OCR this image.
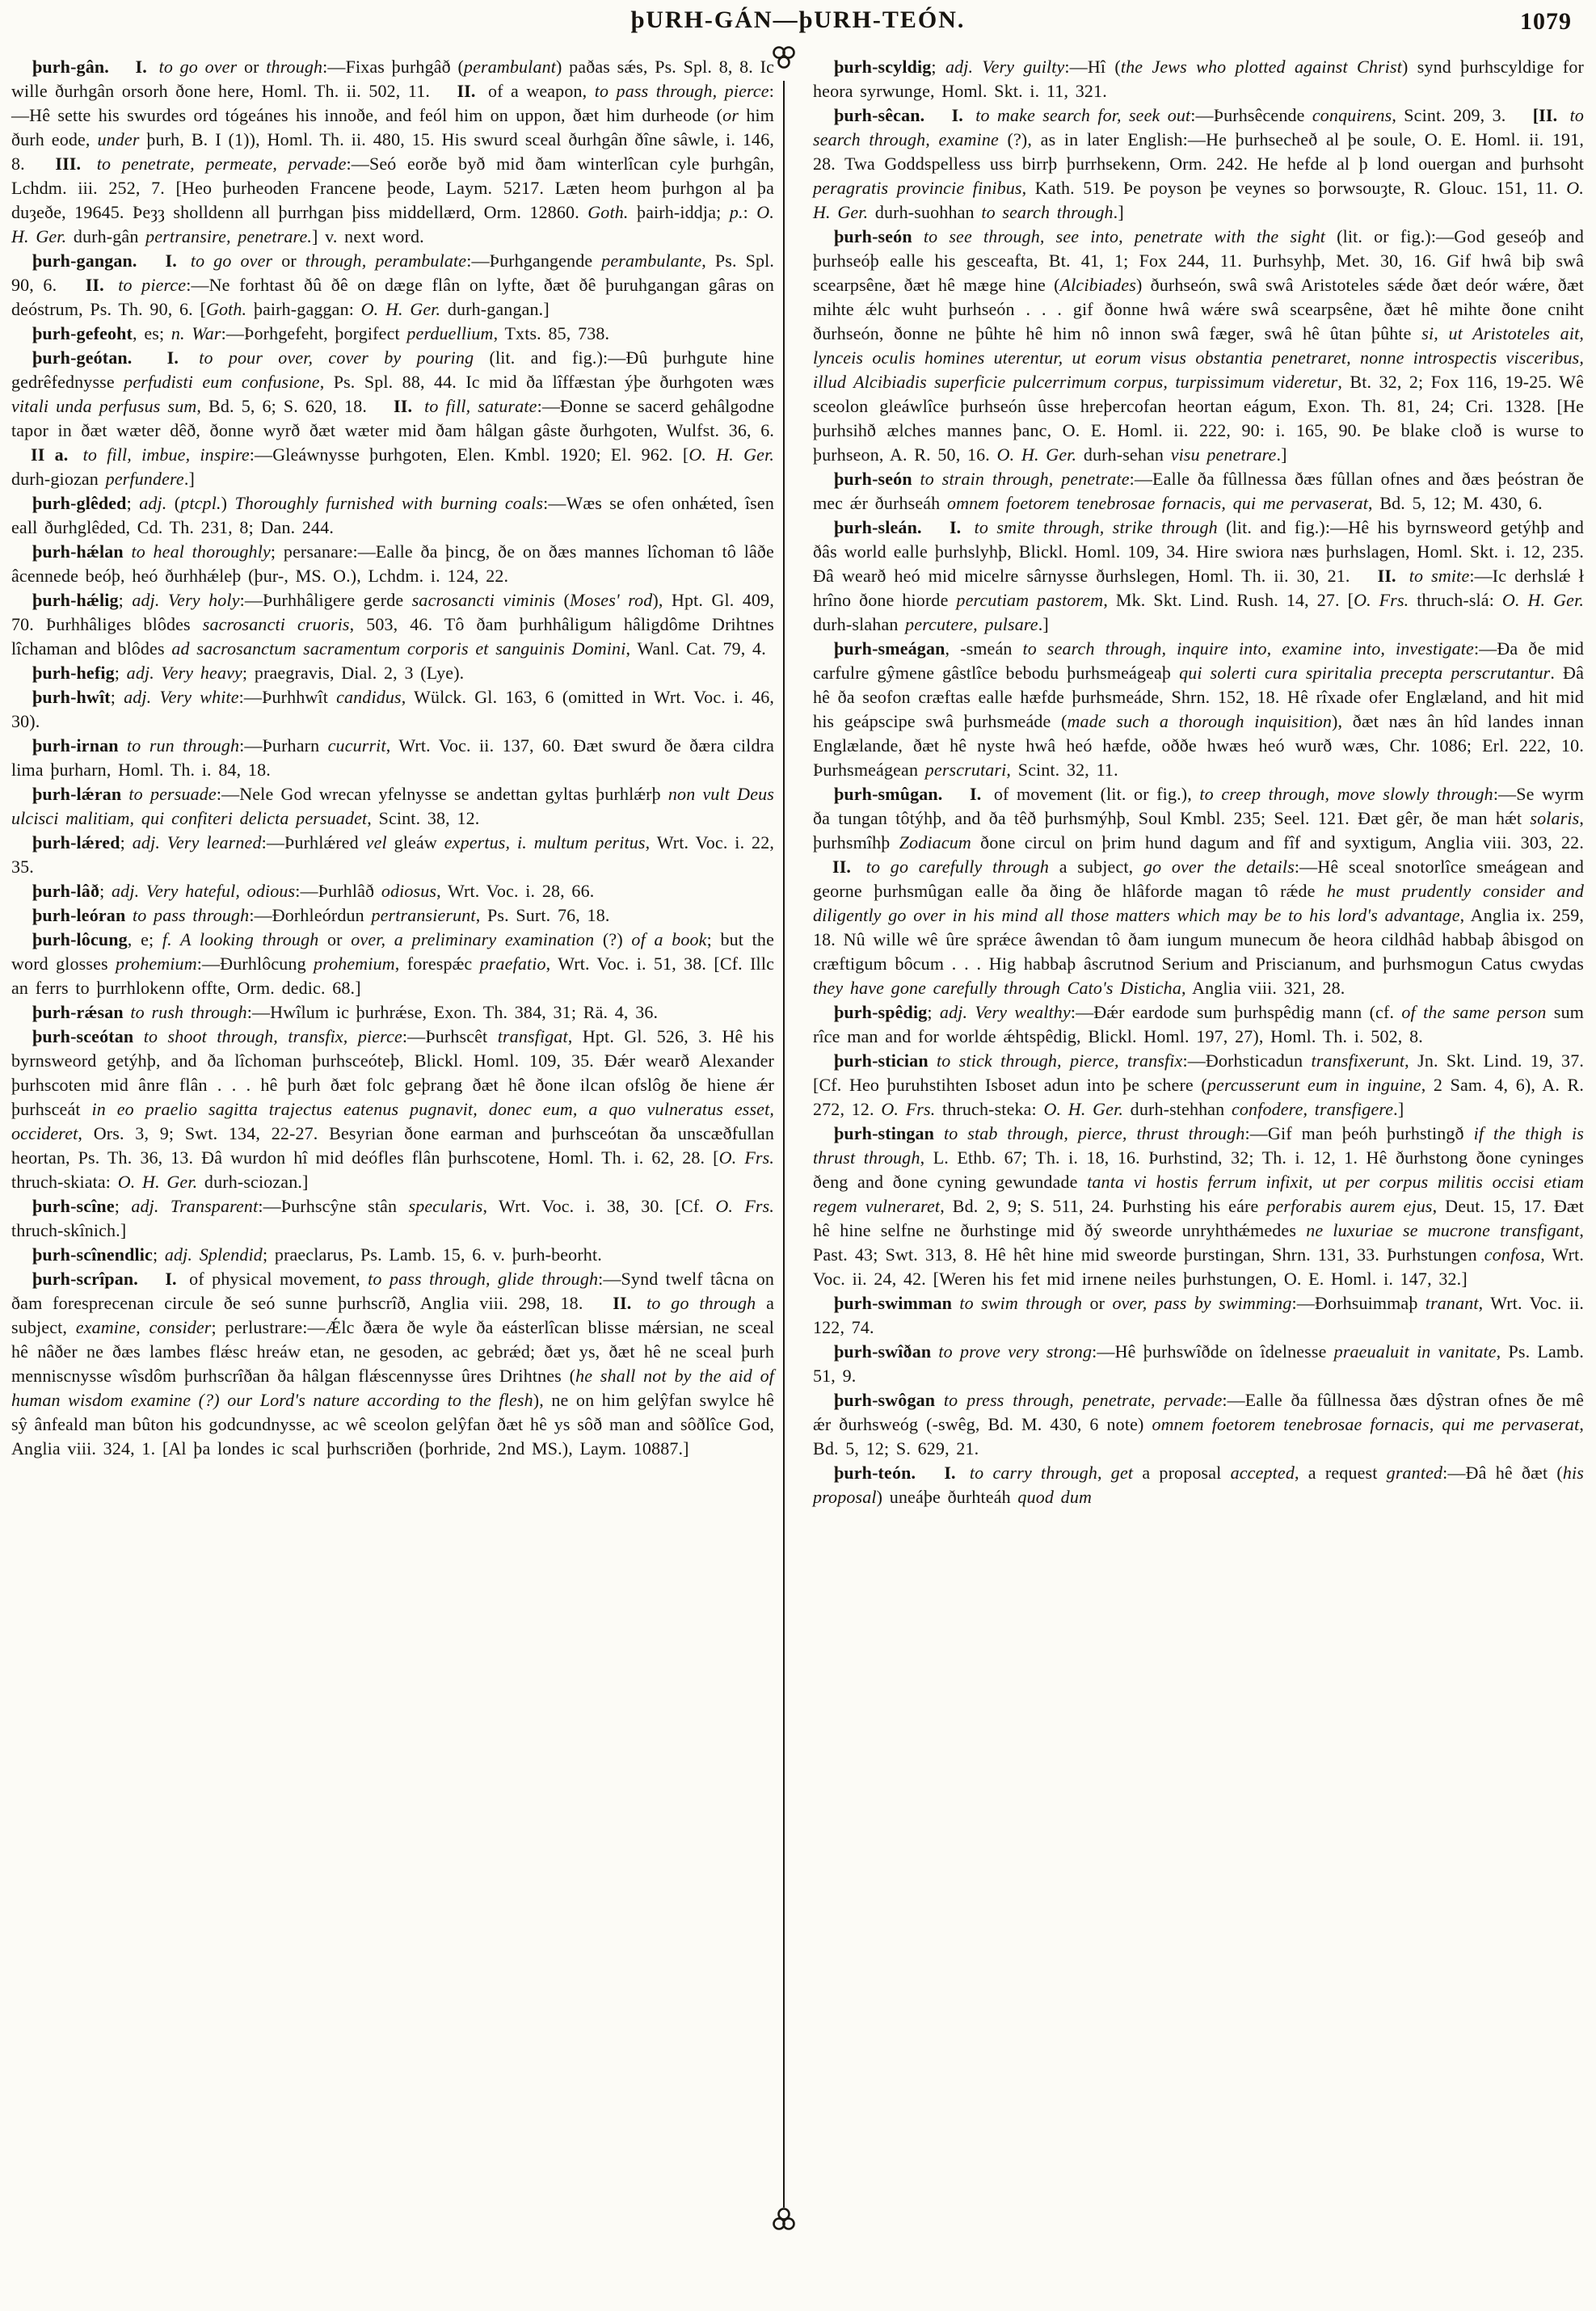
þURH-GÁN—þURH-TEÓN.	1079

þurh-gân. I. to go over or through:—Fixas þurhgâð (perambulant) paðas sǽs, Ps. Spl. 8, 8. Ic wille ðurhgân orsorh ðone here, Homl. Th. ii. 502, 11. II. of a weapon, to pass through, pierce:—Hê sette his swurdes ord tógeánes his innoðe, and feól him on uppon, ðæt him durheode (or him ðurh eode, under þurh, B. I (1)), Homl. Th. ii. 480, 15. His swurd sceal ðurhgân ðîne sâwle, i. 146, 8. III. to penetrate, permeate, pervade:—Seó eorðe byð mid ðam winterlîcan cyle þurhgân, Lchdm. iii. 252, 7. [Heo þurheoden Francene þeode, Laym. 5217. Læten heom þurhgon al þa duȝeðe, 19645. Þeȝȝ sholldenn all þurrhgan þiss middellærd, Orm. 12860. Goth. þairh-iddja; p.: O. H. Ger. durh-gân pertransire, penetrare.] v. next word.

þurh-gangan. I. to go over or through, perambulate:—Þurhgangende perambulante, Ps. Spl. 90, 6. II. to pierce:—Ne forhtast ðû ðê on dæge flân on lyfte, ðæt ðê þuruhgangan gâras on deóstrum, Ps. Th. 90, 6. [Goth. þairh-gaggan: O. H. Ger. durh-gangan.]

þurh-gefeoht, es; n. War:—Þorhgefeht, þorgifect perduellium, Txts. 85, 738.

þurh-geótan. I. to pour over, cover by pouring (lit. and fig.):—Ðû þurhgute hine gedrêfednysse perfudisti eum confusione, Ps. Spl. 88, 44. Ic mid ða lîffæstan ýþe ðurhgoten wæs vitali unda perfusus sum, Bd. 5, 6; S. 620, 18. II. to fill, saturate:—Ðonne se sacerd gehâlgodne tapor in ðæt wæter dêð, ðonne wyrð ðæt wæter mid ðam hâlgan gâste ðurhgoten, Wulfst. 36, 6. II a. to fill, imbue, inspire:—Gleáwnysse þurhgoten, Elen. Kmbl. 1920; El. 962. [O. H. Ger. durh-giozan perfundere.]

þurh-glêded; adj. (ptcpl.) Thoroughly furnished with burning coals:—Wæs se ofen onhǽted, îsen eall ðurhglêded, Cd. Th. 231, 8; Dan. 244.

þurh-hǽlan to heal thoroughly; persanare:—Ealle ða þincg, ðe on ðæs mannes lîchoman tô lâðe âcennede beóþ, heó ðurhhǽleþ (þur-, MS. O.), Lchdm. i. 124, 22.

þurh-hǽlig; adj. Very holy:—Þurhhâligere gerde sacrosancti viminis (Moses' rod), Hpt. Gl. 409, 70. Þurhhâliges blôdes sacrosancti cruoris, 503, 46. Tô ðam þurhhâligum hâligdôme Drihtnes lîchaman and blôdes ad sacrosanctum sacramentum corporis et sanguinis Domini, Wanl. Cat. 79, 4.

þurh-hefig; adj. Very heavy; praegravis, Dial. 2, 3 (Lye).

þurh-hwît; adj. Very white:—Þurhhwît candidus, Wülck. Gl. 163, 6 (omitted in Wrt. Voc. i. 46, 30).

þurh-irnan to run through:—Þurharn cucurrit, Wrt. Voc. ii. 137, 60. Ðæt swurd ðe ðæra cildra lima þurharn, Homl. Th. i. 84, 18.

þurh-lǽran to persuade:—Nele God wrecan yfelnysse se andettan gyltas þurhlǽrþ non vult Deus ulcisci malitiam, qui confiteri delicta persuadet, Scint. 38, 12.

þurh-lǽred; adj. Very learned:—Þurhlǽred vel gleáw expertus, i. multum peritus, Wrt. Voc. i. 22, 35.

þurh-lâð; adj. Very hateful, odious:—Þurhlâð odiosus, Wrt. Voc. i. 28, 66.

þurh-leóran to pass through:—Ðorhleórdun pertransierunt, Ps. Surt. 76, 18.

þurh-lôcung, e; f. A looking through or over, a preliminary examination (?) of a book; but the word glosses prohemium:—Ðurhlôcung prohemium, forespǽc praefatio, Wrt. Voc. i. 51, 38. [Cf. Illc an ferrs to þurrhlokenn offte, Orm. dedic. 68.]

þurh-rǽsan to rush through:—Hwîlum ic þurhrǽse, Exon. Th. 384, 31; Rä. 4, 36.

þurh-sceótan to shoot through, transfix, pierce:—Þurhscêt transfigat, Hpt. Gl. 526, 3. Hê his byrnsweord getýhþ, and ða lîchoman þurhsceóteþ, Blickl. Homl. 109, 35. Ðǽr wearð Alexander þurhscoten mid ânre flân . . . hê þurh ðæt folc geþrang ðæt hê ðone ilcan ofslôg ðe hiene ǽr þurhsceát in eo praelio sagitta trajectus eatenus pugnavit, donec eum, a quo vulneratus esset, occideret, Ors. 3, 9; Swt. 134, 22-27. Besyrian ðone earman and þurhsceótan ða unscæðfullan heortan, Ps. Th. 36, 13. Ðâ wurdon hî mid deófles flân þurhscotene, Homl. Th. i. 62, 28. [O. Frs. thruch-skiata: O. H. Ger. durh-sciozan.]

þurh-scîne; adj. Transparent:—Þurhscŷne stân specularis, Wrt. Voc. i. 38, 30. [Cf. O. Frs. thruch-skînich.]

þurh-scînendlic; adj. Splendid; praeclarus, Ps. Lamb. 15, 6. v. þurh-beorht.

þurh-scrîpan. I. of physical movement, to pass through, glide through:—Synd twelf tâcna on ðam foresprecenan circule ðe seó sunne þurhscrîð, Anglia viii. 298, 18. II. to go through a subject, examine, consider; perlustrare:—Ǽlc ðæra ðe wyle ða eásterlîcan blisse mǽrsian, ne sceal hê nâðer ne ðæs lambes flǽsc hreáw etan, ne gesoden, ac gebrǽd; ðæt ys, ðæt hê ne sceal þurh menniscnysse wîsdôm þurhscrîðan ða hâlgan flǽscennysse ûres Drihtnes (he shall not by the aid of human wisdom examine (?) our Lord's nature according to the flesh), ne on him gelŷfan swylce hê sŷ ânfeald man bûton his godcundnysse, ac wê sceolon gelŷfan ðæt hê ys sôð man and sôðlîce God, Anglia viii. 324, 1. [Al þa londes ic scal þurhscriðen (þorhride, 2nd MS.), Laym. 10887.]

þurh-scyldig; adj. Very guilty:—Hî (the Jews who plotted against Christ) synd þurhscyldige for heora syrwunge, Homl. Skt. i. 11, 321.

þurh-sêcan. I. to make search for, seek out:—Þurhsêcende conquirens, Scint. 209, 3. [II. to search through, examine (?), as in later English:—He þurhsecheð al þe soule, O. E. Homl. ii. 191, 28. Twa Goddspelless uss birrþ þurrhsekenn, Orm. 242. He hefde al þ lond ouergan and þurhsoht peragratis provincie finibus, Kath. 519. Þe poyson þe veynes so þorwsouȝte, R. Glouc. 151, 11. O. H. Ger. durh-suohhan to search through.]

þurh-seón to see through, see into, penetrate with the sight (lit. or fig.):—God geseóþ and þurhseóþ ealle his gesceafta, Bt. 41, 1; Fox 244, 11. Þurhsyhþ, Met. 30, 16. Gif hwâ biþ swâ scearpsêne, ðæt hê mæge hine (Alcibiades) ðurhseón, swâ swâ Aristoteles sǽde ðæt deór wǽre, ðæt mihte ǽlc wuht þurhseón . . . gif ðonne hwâ wǽre swâ scearpsêne, ðæt hê mihte ðone cniht ðurhseón, ðonne ne þûhte hê him nô innon swâ fæger, swâ hê ûtan þûhte si, ut Aristoteles ait, lynceis oculis homines uterentur, ut eorum visus obstantia penetraret, nonne introspectis visceribus, illud Alcibiadis superficie pulcerrimum corpus, turpissimum videretur, Bt. 32, 2; Fox 116, 19-25. Wê sceolon gleáwlîce þurhseón ûsse hreþercofan heortan eágum, Exon. Th. 81, 24; Cri. 1328. [He þurhsihð ælches mannes þanc, O. E. Homl. ii. 222, 90: i. 165, 90. Þe blake cloð is wurse to þurhseon, A. R. 50, 16. O. H. Ger. durh-sehan visu penetrare.]

þurh-seón to strain through, penetrate:—Ealle ða fûllnessa ðæs fûllan ofnes and ðæs þeóstran ðe mec ǽr ðurhseáh omnem foetorem tenebrosae fornacis, qui me pervaserat, Bd. 5, 12; M. 430, 6.

þurh-sleán. I. to smite through, strike through (lit. and fig.):—Hê his byrnsweord getýhþ and ðâs world ealle þurhslyhþ, Blickl. Homl. 109, 34. Hire swiora næs þurhslagen, Homl. Skt. i. 12, 235. Ðâ wearð heó mid micelre sârnysse ðurhslegen, Homl. Th. ii. 30, 21. II. to smite:—Ic derhslǽ ł hrîno ðone hiorde percutiam pastorem, Mk. Skt. Lind. Rush. 14, 27. [O. Frs. thruch-slá: O. H. Ger. durh-slahan percutere, pulsare.]

þurh-smeágan, -smeán to search through, inquire into, examine into, investigate:—Ða ðe mid carfulre gŷmene gâstlîce bebodu þurhsmeágeaþ qui solerti cura spiritalia precepta perscrutantur. Ðâ hê ða seofon cræftas ealle hæfde þurhsmeáde, Shrn. 152, 18. Hê rîxade ofer Englæland, and hit mid his geápscipe swâ þurhsmeáde (made such a thorough inquisition), ðæt næs ân hîd landes innan Englælande, ðæt hê nyste hwâ heó hæfde, oððe hwæs heó wurð wæs, Chr. 1086; Erl. 222, 10. Þurhsmeágean perscrutari, Scint. 32, 11.

þurh-smûgan. I. of movement (lit. or fig.), to creep through, move slowly through:—Se wyrm ða tungan tôtýhþ, and ða têð þurhsmýhþ, Soul Kmbl. 235; Seel. 121. Ðæt gêr, ðe man hǽt solaris, þurhsmîhþ Zodiacum ðone circul on þrim hund dagum and fîf and syxtigum, Anglia viii. 303, 22. II. to go carefully through a subject, go over the details:—Hê sceal snotorlîce smeágean and georne þurhsmûgan ealle ða ðing ðe hlâforde magan tô rǽde he must prudently consider and diligently go over in his mind all those matters which may be to his lord's advantage, Anglia ix. 259, 18. Nû wille wê ûre sprǽce âwendan tô ðam iungum munecum ðe heora cildhâd habbaþ âbisgod on cræftigum bôcum . . . Hig habbaþ âscrutnod Serium and Priscianum, and þurhsmogun Catus cwydas they have gone carefully through Cato's Disticha, Anglia viii. 321, 28.

þurh-spêdig; adj. Very wealthy:—Ðǽr eardode sum þurhspêdig mann (cf. of the same person sum rîce man and for worlde ǽhtspêdig, Blickl. Homl. 197, 27), Homl. Th. i. 502, 8.

þurh-stician to stick through, pierce, transfix:—Ðorhsticadun transfixerunt, Jn. Skt. Lind. 19, 37. [Cf. Heo þuruhstihten Isboset adun into þe schere (percusserunt eum in inguine, 2 Sam. 4, 6), A. R. 272, 12. O. Frs. thruch-steka: O. H. Ger. durh-stehhan confodere, transfigere.]

þurh-stingan to stab through, pierce, thrust through:—Gif man þeóh þurhstingð if the thigh is thrust through, L. Ethb. 67; Th. i. 18, 16. Þurhstind, 32; Th. i. 12, 1. Hê ðurhstong ðone cyninges ðeng and ðone cyning gewundade tanta vi hostis ferrum infixit, ut per corpus militis occisi etiam regem vulneraret, Bd. 2, 9; S. 511, 24. Þurhsting his eáre perforabis aurem ejus, Deut. 15, 17. Ðæt hê hine selfne ne ðurhstinge mid ðý sweorde unryhthǽmedes ne luxuriae se mucrone transfigant, Past. 43; Swt. 313, 8. Hê hêt hine mid sweorde þurstingan, Shrn. 131, 33. Þurhstungen confosa, Wrt. Voc. ii. 24, 42. [Weren his fet mid irnene neiles þurhstungen, O. E. Homl. i. 147, 32.]

þurh-swimman to swim through or over, pass by swimming:—Ðorhsuimmaþ tranant, Wrt. Voc. ii. 122, 74.

þurh-swîðan to prove very strong:—Hê þurhswîðde on îdelnesse praeualuit in vanitate, Ps. Lamb. 51, 9.

þurh-swôgan to press through, penetrate, pervade:—Ealle ða fûllnessa ðæs dŷstran ofnes ðe mê ǽr ðurhsweóg (-swêg, Bd. M. 430, 6 note) omnem foetorem tenebrosae fornacis, qui me pervaserat, Bd. 5, 12; S. 629, 21.

þurh-teón. I. to carry through, get a proposal accepted, a request granted:—Ðâ hê ðæt (his proposal) uneáþe ðurhteáh quod dum
